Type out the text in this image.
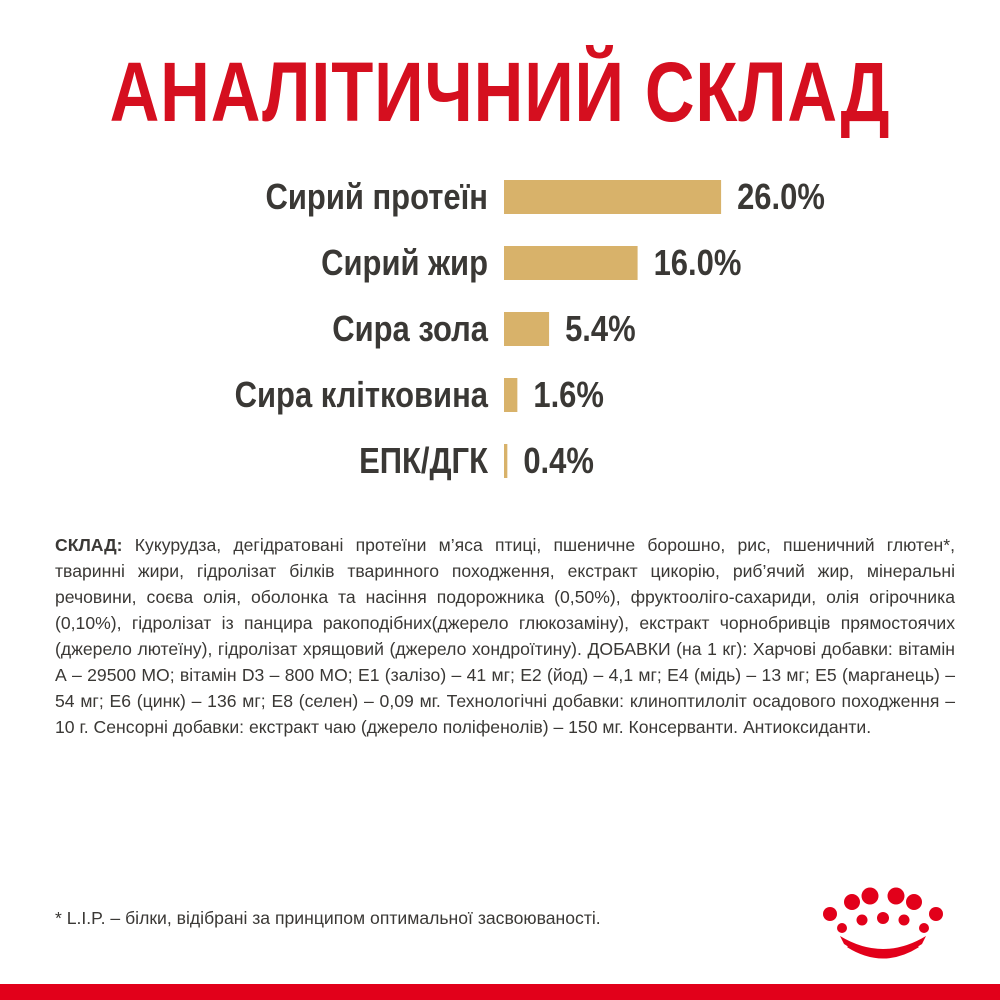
АНАЛІТИЧНИЙ СКЛАД
Сирий протеїн	26.0%
Сирий жир	16.0%
Сира зола 5.4%
Сира клітковина 1.6%
ЕПК/ДГК 0.4%
СКЛАД: Кукурудза, дегідратовані протеїни м’яса птиці, пшеничне борошно, рис, пшеничний глютен*, тваринні жири, гідролізат білків тваринного походження, екстракт цикорію, риб’ячий жир, мінеральні речовини, соєва олія, оболонка та насіння подорожника (0,50%), фруктоолігo-сахариди, олія огірочника (0,10%), гідролізат із панцира ракоподібних(джерело глюкозаміну), екстракт чорнобривців прямостоячих (джерело лютеїну), гідролізат хрящовий (джерело хондроїтину). ДОБАВКИ (на 1 кг): Харчові добавки: вітамін А – 29500 МО; вітамін D3 – 800 МО; Е1 (залізо) – 41 мг; Е2 (йод) – 4,1 мг; Е4 (мідь) – 13 мг; Е5 (марганець) – 54 мг; Е6 (цинк) – 136 мг; Е8 (селен) – 0,09 мг. Технологічні добавки: клиноптилоліт осадового походження – 10 г. Сенсорні добавки: екстракт чаю (джерело поліфенолів) – 150 мг. Консерванти. Антиоксиданти.
* L.I.P. – білки, відібрані за принципом оптимальної засвоюваності.
